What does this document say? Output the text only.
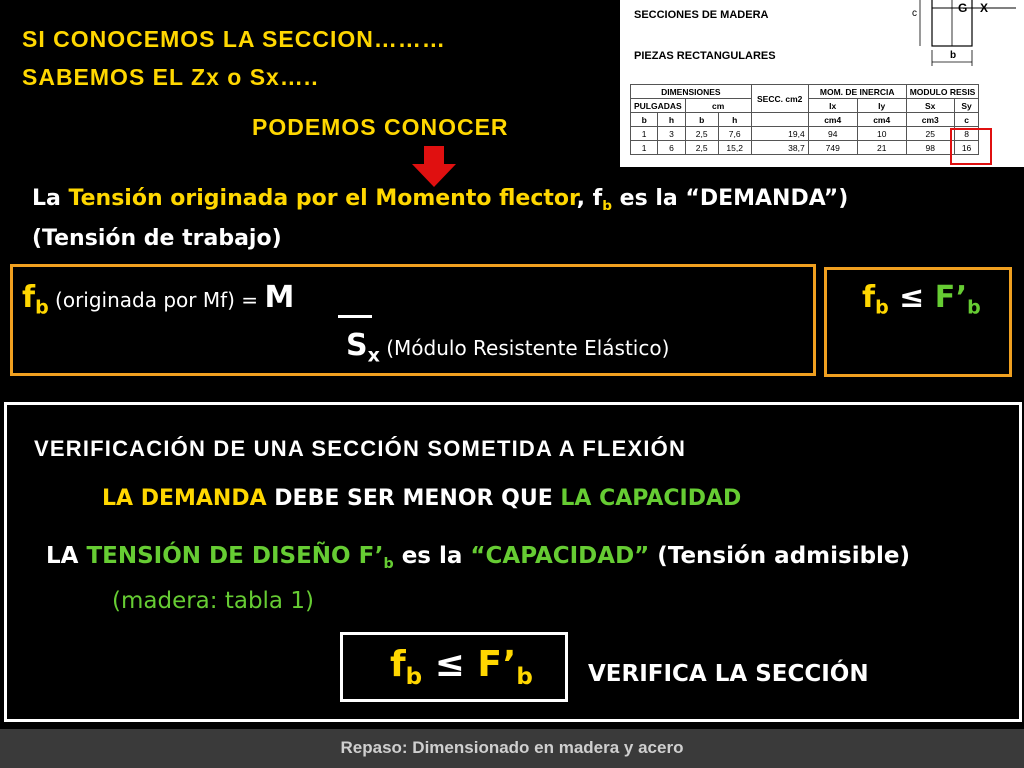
SI CONOCEMOS LA SECCION………
SABEMOS EL Zx o Sx…..
PODEMOS CONOCER
SECCIONES DE MADERA
PIEZAS RECTANGULARES
G X
c
b
DIMENSIONES				SECC. cm2	MOM. DE INERCIA		MODULO RESIS	
PULGADAS		cm			Ix	Iy	Sx	Sy
b	h	b	h		cm4	cm4	cm3	c
1	3	2,5	7,6	19,4	94	10	25	8
1	6	2,5	15,2	38,7	749	21	98	16
La Tensión originada por el Momento flector, $f_b$ es la “DEMANDA”)
(Tensión de trabajo)
$f_b$ (originada por Mf) = M
$S_x$ (Módulo Resistente Elástico)
$f_b$ ≤ $F’_b$
VERIFICACIÓN DE UNA SECCIÓN SOMETIDA A FLEXIÓN
LA DEMANDA DEBE SER MENOR QUE LA CAPACIDAD
LA TENSIÓN DE DISEÑO $F’_b$ es la “CAPACIDAD” (Tensión admisible)
(madera: tabla 1)
$f_b$ ≤ $F’_b$ VERIFICA LA SECCIÓN
Repaso: Dimensionado en madera y acero
